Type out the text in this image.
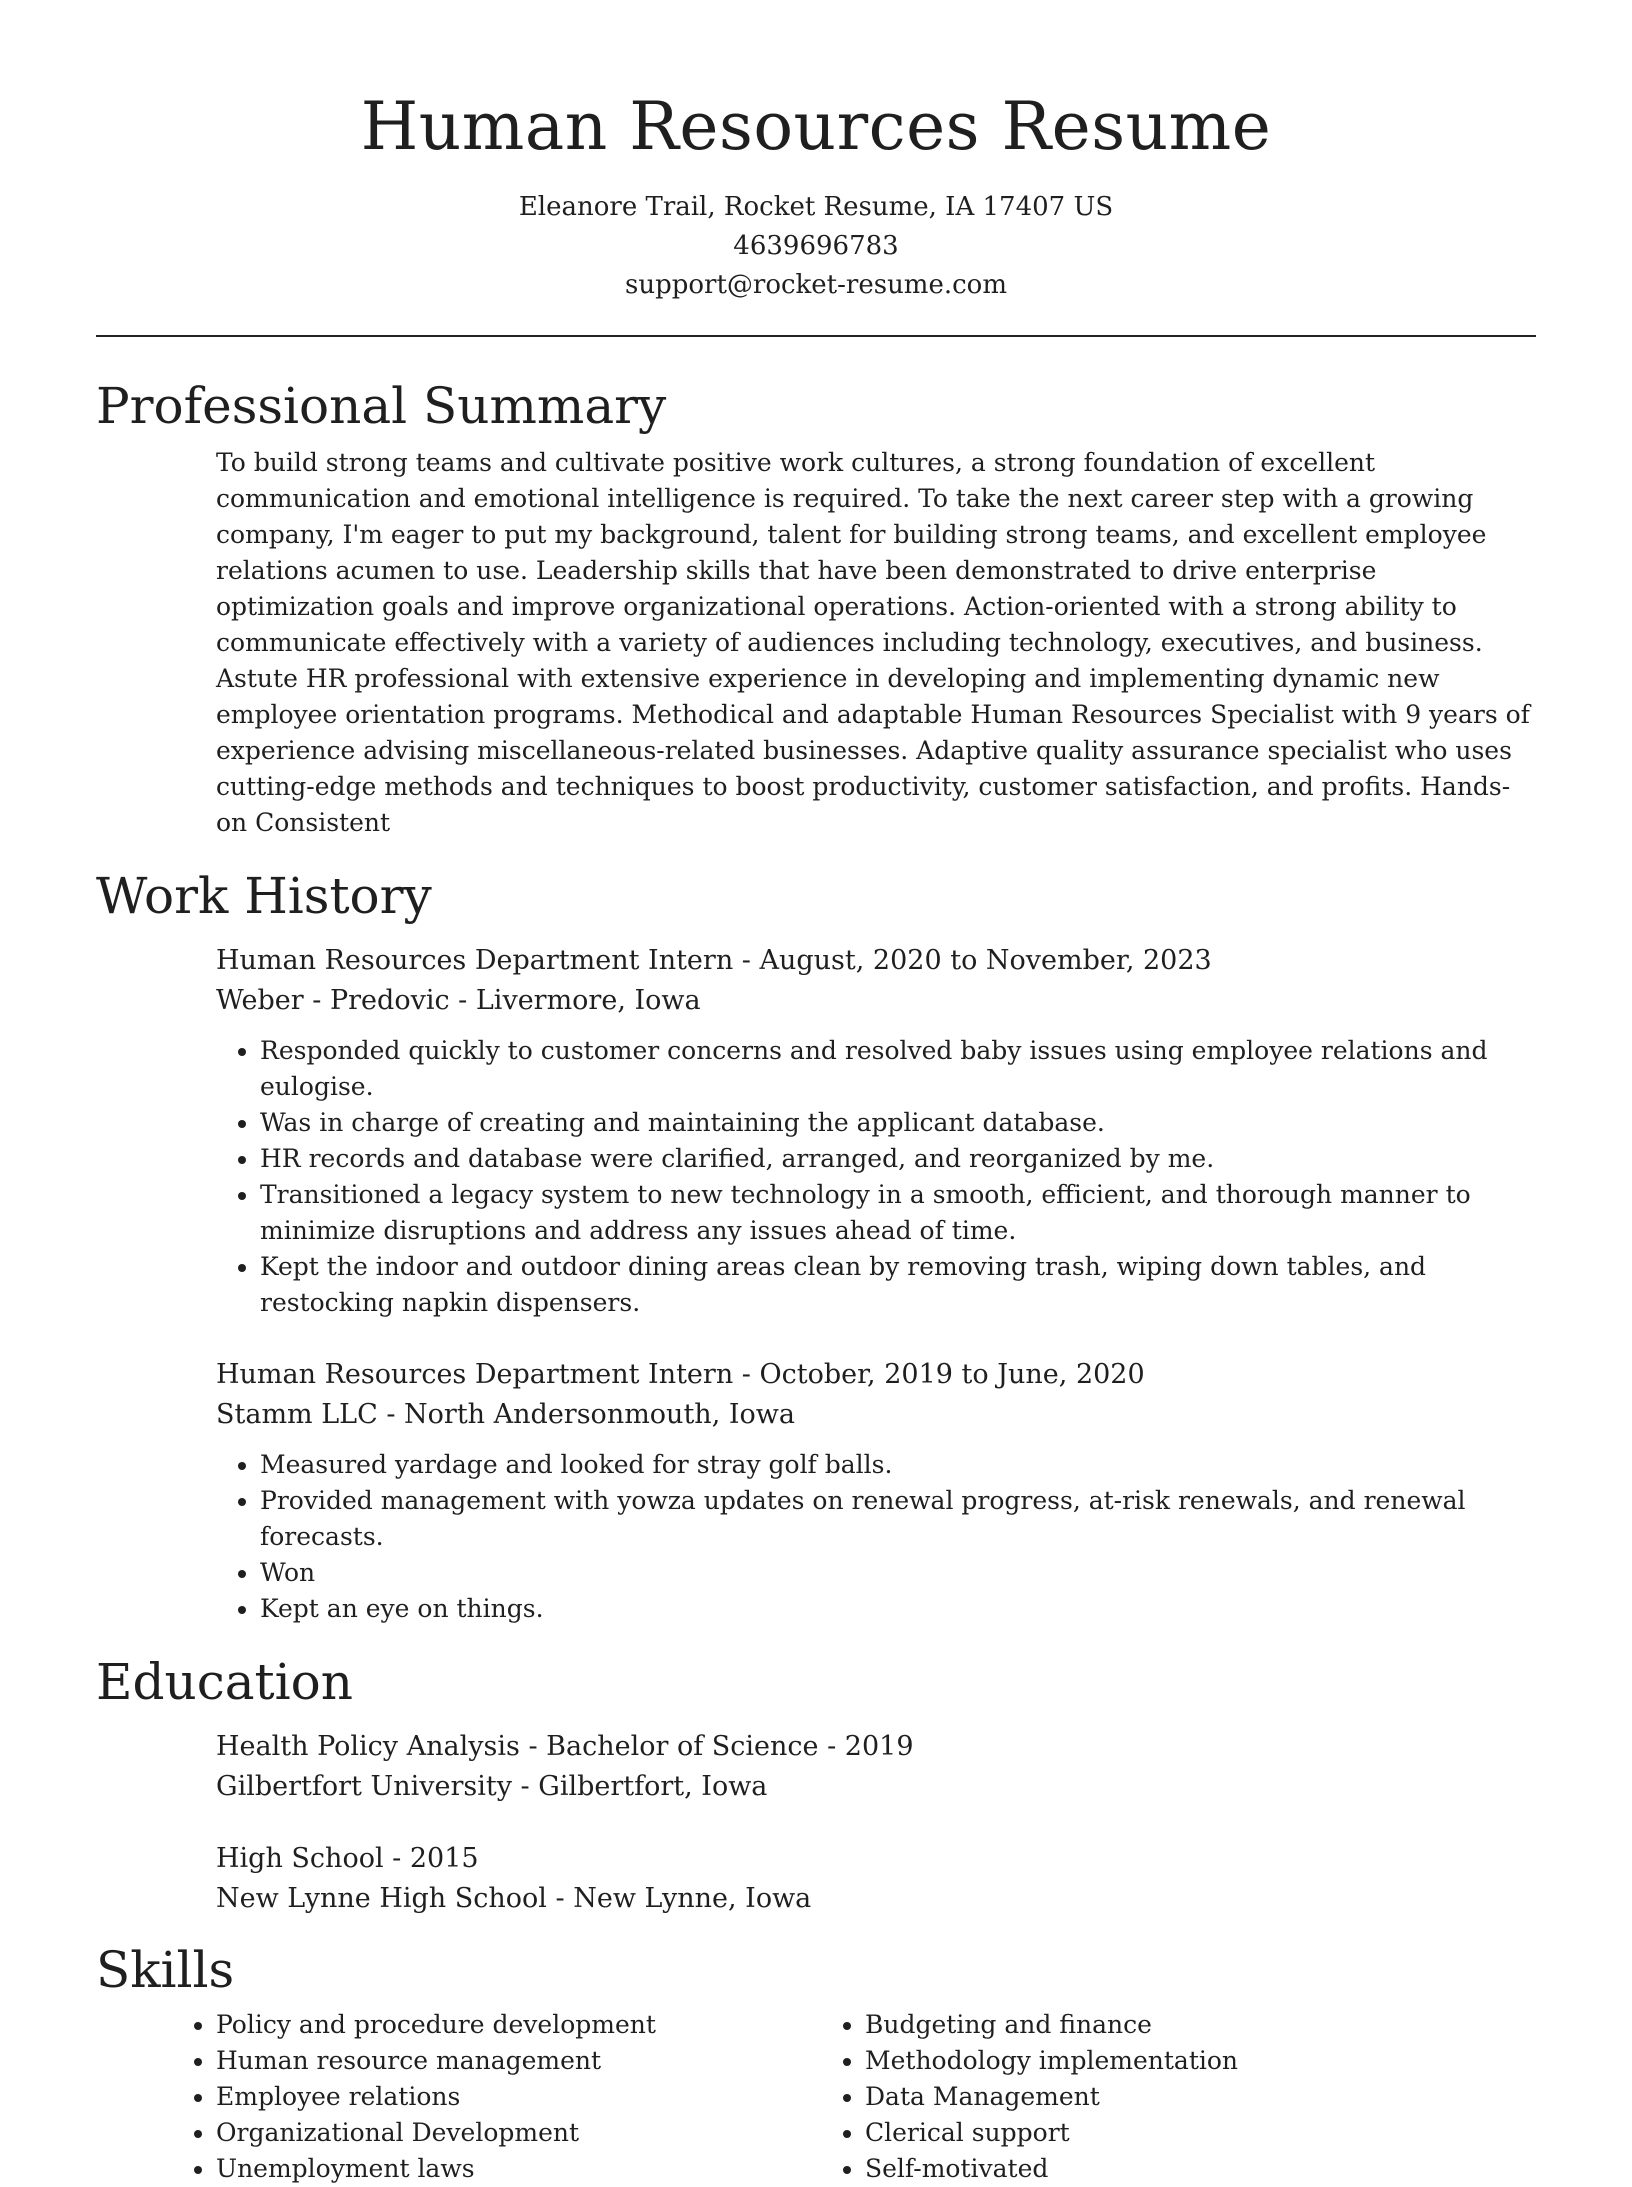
Human Resources Resume
Eleanore Trail, Rocket Resume, IA 17407 US
4639696783
support@rocket-resume.com
Professional Summary
To build strong teams and cultivate positive work cultures, a strong foundation of excellent communication and emotional intelligence is required. To take the next career step with a growing company, I'm eager to put my background, talent for building strong teams, and excellent employee relations acumen to use. Leadership skills that have been demonstrated to drive enterprise optimization goals and improve organizational operations. Action-oriented with a strong ability to communicate effectively with a variety of audiences including technology, executives, and business. Astute HR professional with extensive experience in developing and implementing dynamic new employee orientation programs. Methodical and adaptable Human Resources Specialist with 9 years of experience advising miscellaneous-related businesses. Adaptive quality assurance specialist who uses cutting-edge methods and techniques to boost productivity, customer satisfaction, and profits. Hands-on Consistent
Work History
Human Resources Department Intern - August, 2020 to November, 2023
Weber - Predovic - Livermore, Iowa
• Responded quickly to customer concerns and resolved baby issues using employee relations and eulogise.
• Was in charge of creating and maintaining the applicant database.
• HR records and database were clarified, arranged, and reorganized by me.
• Transitioned a legacy system to new technology in a smooth, efficient, and thorough manner to minimize disruptions and address any issues ahead of time.
• Kept the indoor and outdoor dining areas clean by removing trash, wiping down tables, and restocking napkin dispensers.
Human Resources Department Intern - October, 2019 to June, 2020
Stamm LLC - North Andersonmouth, Iowa
• Measured yardage and looked for stray golf balls.
• Provided management with yowza updates on renewal progress, at-risk renewals, and renewal forecasts.
• Won
• Kept an eye on things.
Education
Health Policy Analysis - Bachelor of Science - 2019
Gilbertfort University - Gilbertfort, Iowa
High School - 2015
New Lynne High School - New Lynne, Iowa
Skills
• Policy and procedure development
• Human resource management
• Employee relations
• Organizational Development
• Unemployment laws
• Budgeting and finance
• Methodology implementation
• Data Management
• Clerical support
• Self-motivated
